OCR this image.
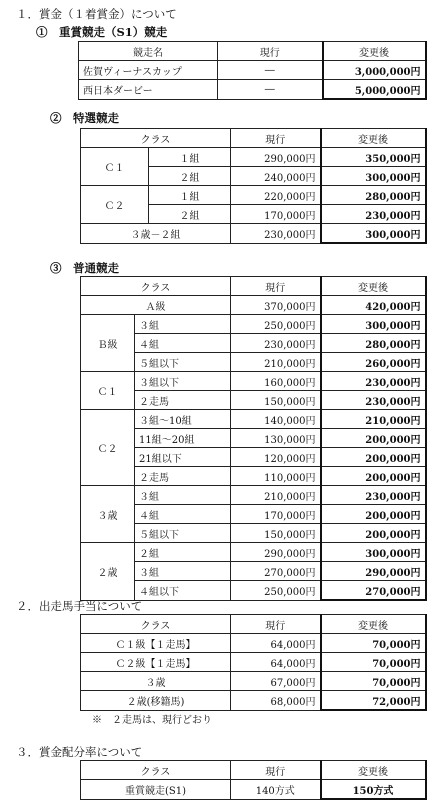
１．賞金（１着賞金）について
①　重賞競走（S1）競走
競走名	現行	変更後
佐賀ヴィーナスカップ	―	3,000,000円
西日本ダービー	―	5,000,000円
②　特選競走
クラス		現行	変更後
Ｃ１	１組	290,000円	350,000円
	２組	240,000円	300,000円
Ｃ２	１組	220,000円	280,000円
	２組	170,000円	230,000円
３歳－２組		230,000円	300,000円
③　普通競走
クラス		現行	変更後
Ａ級		370,000円	420,000円
Ｂ級	３組	250,000円	300,000円
	４組	230,000円	280,000円
	５組以下	210,000円	260,000円
Ｃ１	３組以下	160,000円	230,000円
	２走馬	150,000円	230,000円
Ｃ２	３組～10組	140,000円	210,000円
	11組～20組	130,000円	200,000円
	21組以下	120,000円	200,000円
	２走馬	110,000円	200,000円
３歳	３組	210,000円	230,000円
	４組	170,000円	200,000円
	５組以下	150,000円	200,000円
２歳	２組	290,000円	300,000円
	３組	270,000円	290,000円
	４組以下	250,000円	270,000円
２．出走馬手当について
クラス	現行	変更後
Ｃ１級【１走馬】	64,000円	70,000円
Ｃ２級【１走馬】	64,000円	70,000円
３歳	67,000円	70,000円
２歳(移籍馬)	68,000円	72,000円
※　２走馬は、現行どおり
３．賞金配分率について
クラス	現行	変更後
重賞競走(S1)	140方式	150方式
